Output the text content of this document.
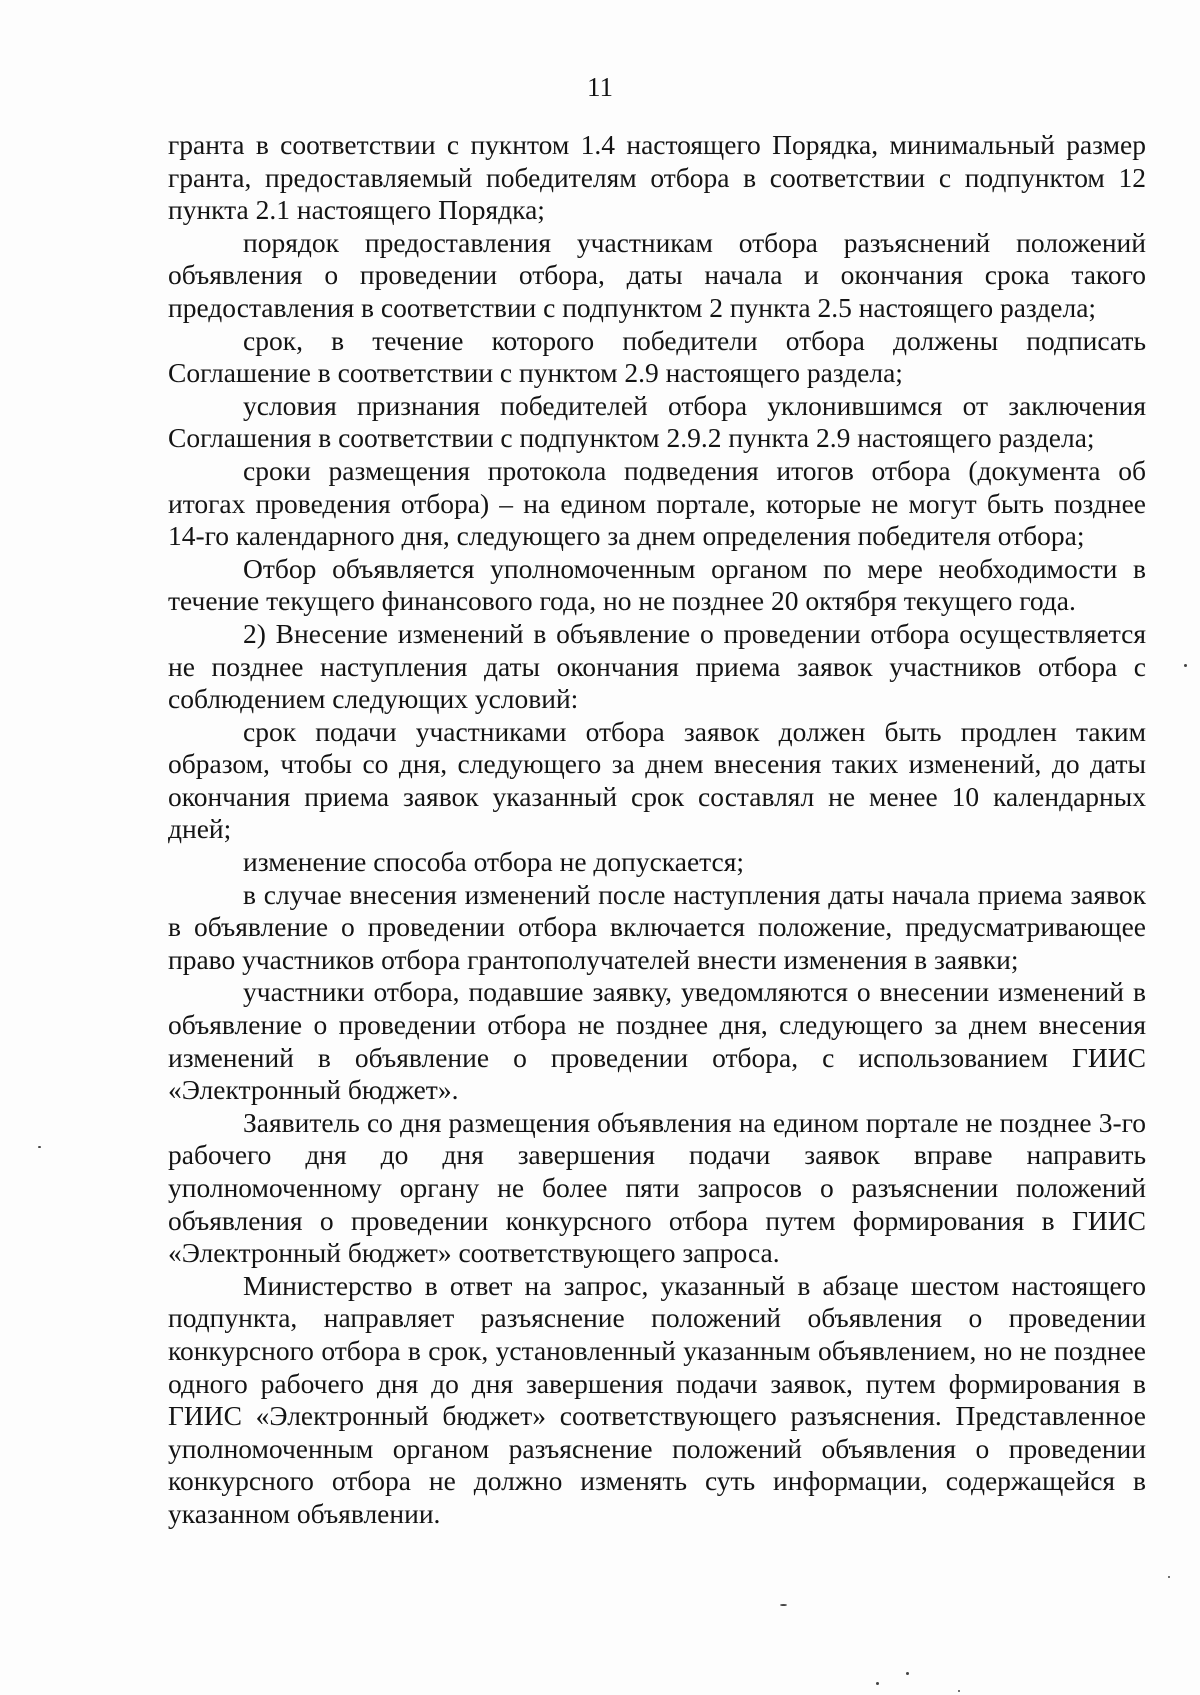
11

гранта в соответствии с пукнтом 1.4 настоящего Порядка, минимальный размер гранта, предоставляемый победителям отбора в соответствии с подпунктом 12 пункта 2.1 настоящего Порядка;

порядок предоставления участникам отбора разъяснений положений объявления о проведении отбора, даты начала и окончания срока такого предоставления в соответствии с подпунктом 2 пункта 2.5 настоящего раздела;

срок, в течение которого победители отбора должены подписать Соглашение в соответствии с пунктом 2.9 настоящего раздела;

условия признания победителей отбора уклонившимся от заключения Соглашения в соответствии с подпунктом 2.9.2 пункта 2.9 настоящего раздела;

сроки размещения протокола подведения итогов отбора (документа об итогах проведения отбора) – на едином портале, которые не могут быть позднее 14-го календарного дня, следующего за днем определения победителя отбора;

Отбор объявляется уполномоченным органом по мере необходимости в течение текущего финансового года, но не позднее 20 октября текущего года.

2) Внесение изменений в объявление о проведении отбора осуществляется не позднее наступления даты окончания приема заявок участников отбора с соблюдением следующих условий:

срок подачи участниками отбора заявок должен быть продлен таким образом, чтобы со дня, следующего за днем внесения таких изменений, до даты окончания приема заявок указанный срок составлял не менее 10 календарных дней;

изменение способа отбора не допускается;

в случае внесения изменений после наступления даты начала приема заявок в объявление о проведении отбора включается положение, предусматривающее право участников отбора грантополучателей внести изменения в заявки;

участники отбора, подавшие заявку, уведомляются о внесении изменений в объявление о проведении отбора не позднее дня, следующего за днем внесения изменений в объявление о проведении отбора, с использованием ГИИС «Электронный бюджет».

Заявитель со дня размещения объявления на едином портале не позднее 3-го рабочего дня до дня завершения подачи заявок вправе направить уполномоченному органу не более пяти запросов о разъяснении положений объявления о проведении конкурсного отбора путем формирования в ГИИС «Электронный бюджет» соответствующего запроса.

Министерство в ответ на запрос, указанный в абзаце шестом настоящего подпункта, направляет разъяснение положений объявления о проведении конкурсного отбора в срок, установленный указанным объявлением, но не позднее одного рабочего дня до дня завершения подачи заявок, путем формирования в ГИИС «Электронный бюджет» соответствующего разъяснения. Представленное уполномоченным органом разъяснение положений объявления о проведении конкурсного отбора не должно изменять суть информации, содержащейся в указанном объявлении.
